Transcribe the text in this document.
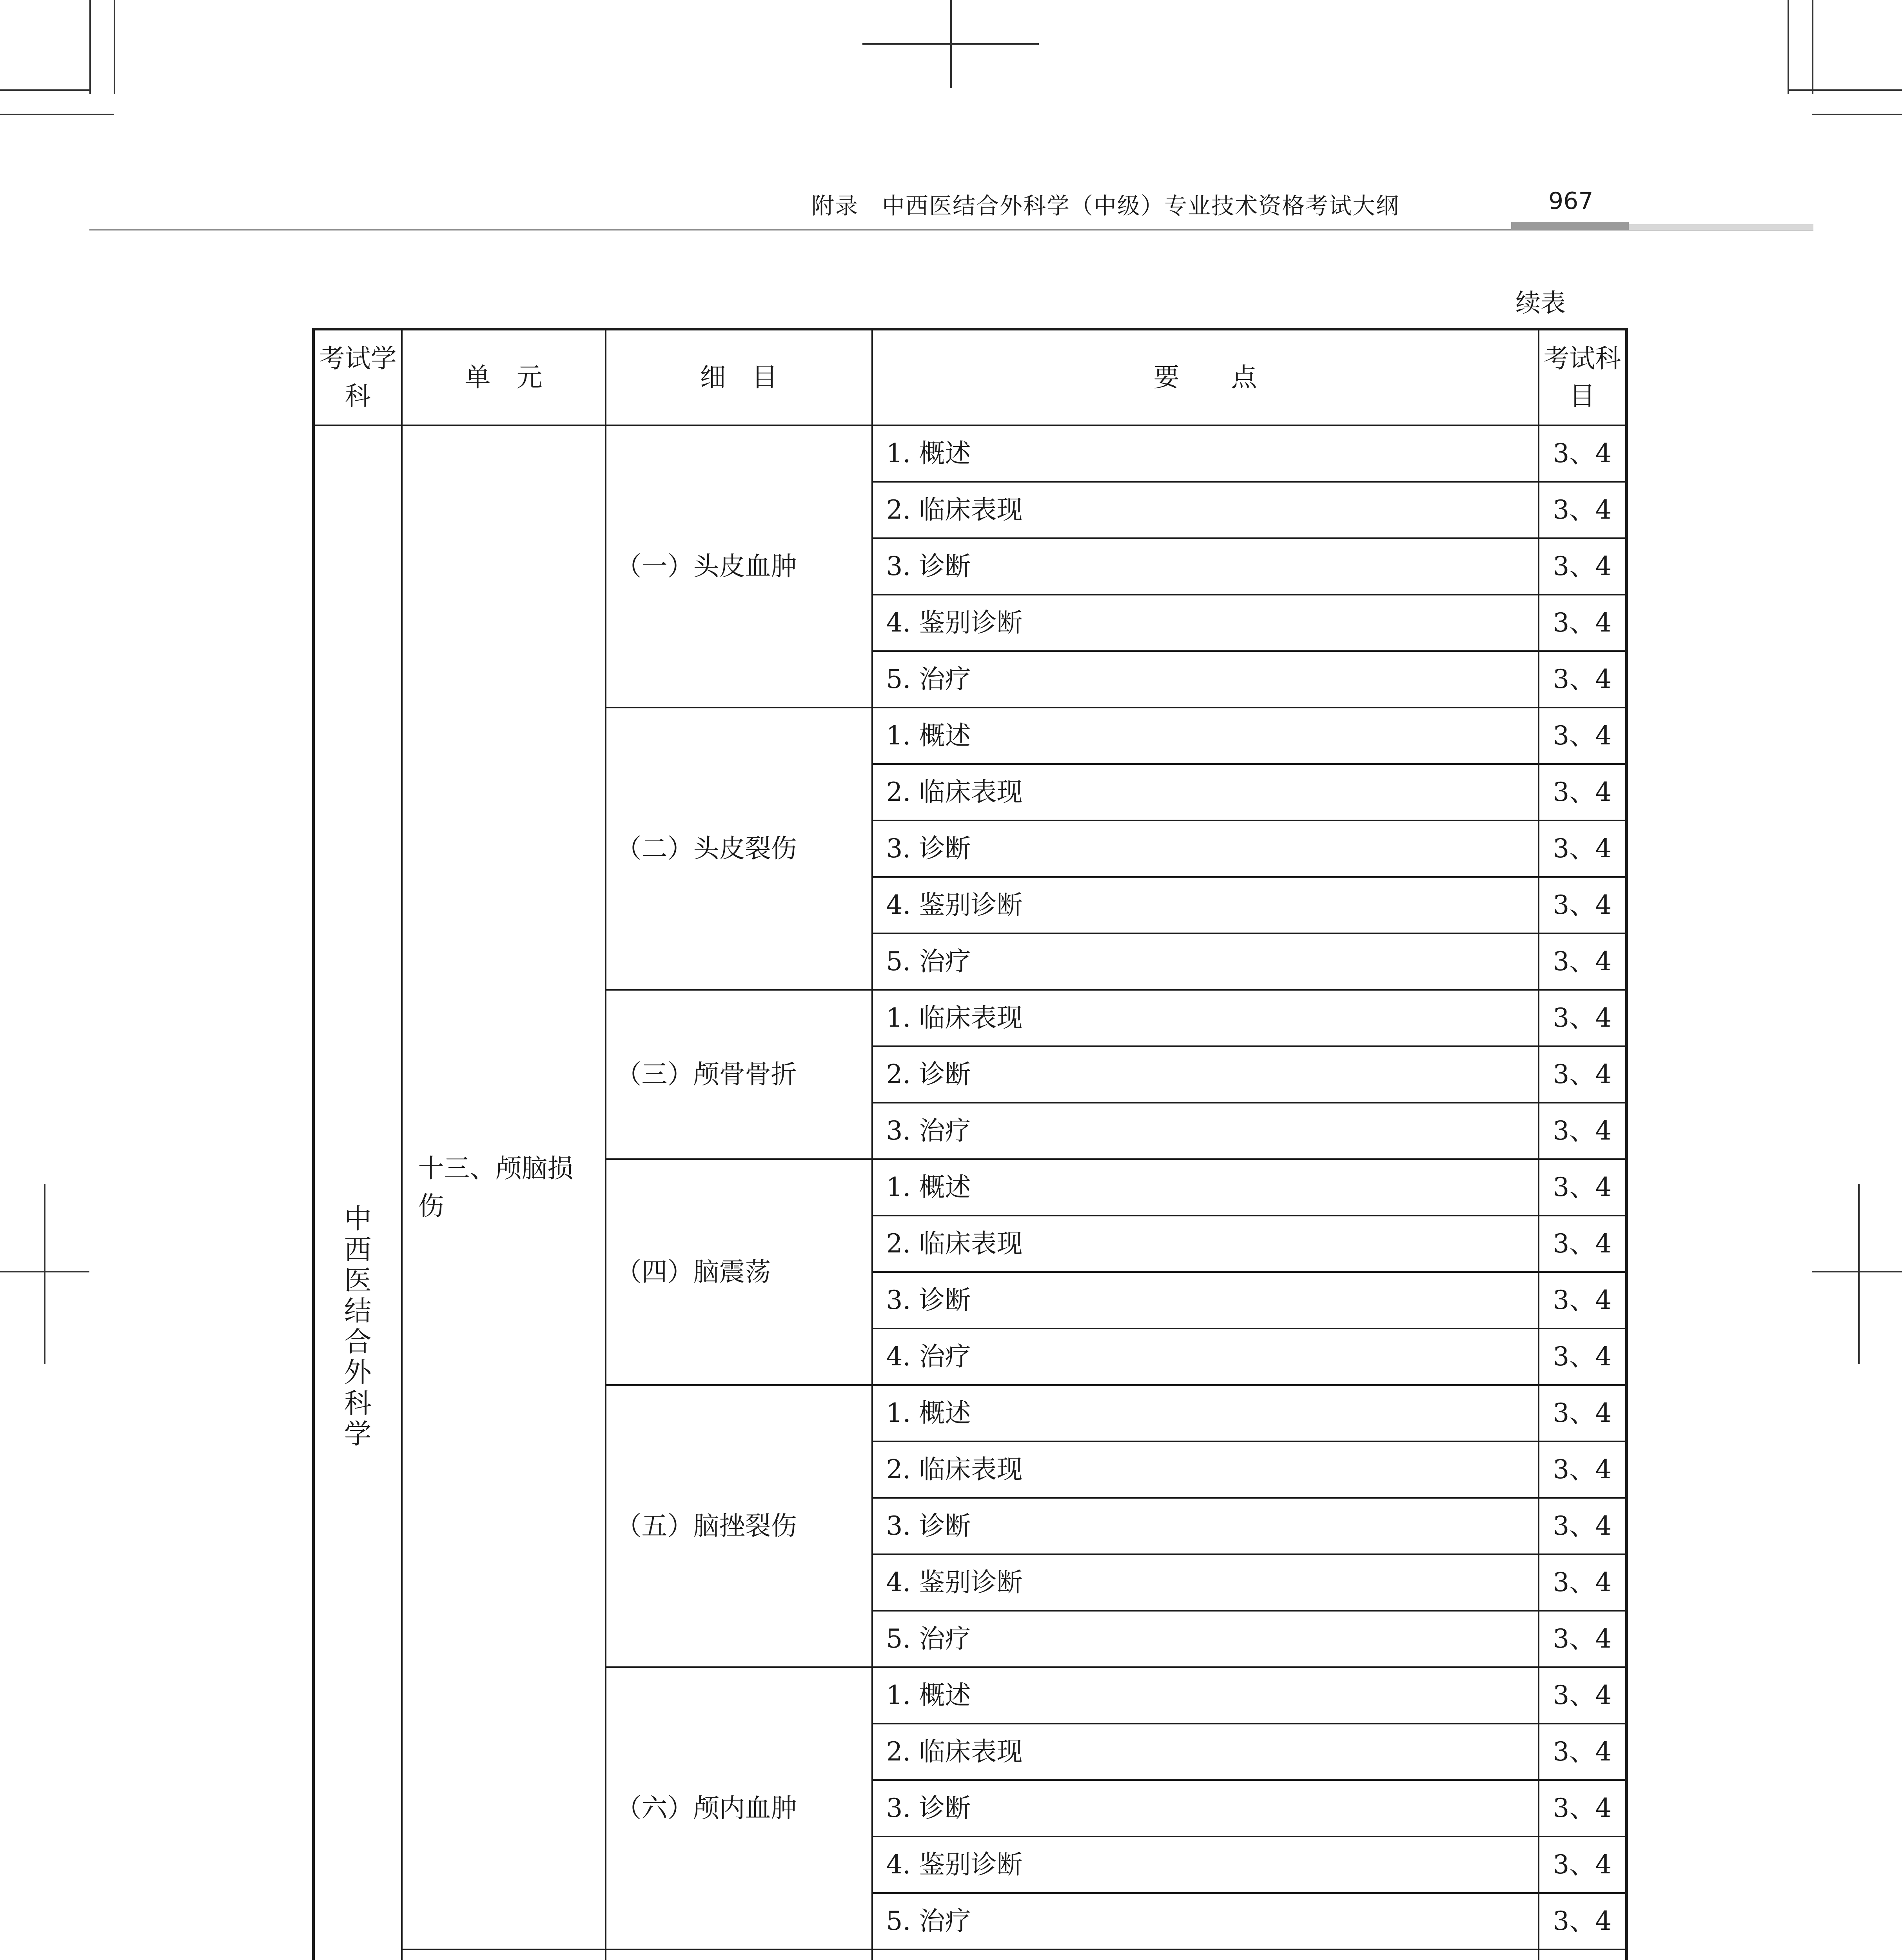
附录　中西医结合外科学（中级）专业技术资格考试大纲	967
续表
考试学科	单　元	细　目	要　　点	考试科目
中西医结合外科学	十三、颅脑损伤	（一）头皮血肿	1. 概述	3、4
			2. 临床表现	3、4
			3. 诊断	3、4
			4. 鉴别诊断	3、4
			5. 治疗	3、4
		（二）头皮裂伤	1. 概述	3、4
			2. 临床表现	3、4
			3. 诊断	3、4
			4. 鉴别诊断	3、4
			5. 治疗	3、4
		（三）颅骨骨折	1. 临床表现	3、4
			2. 诊断	3、4
			3. 治疗	3、4
		（四）脑震荡	1. 概述	3、4
			2. 临床表现	3、4
			3. 诊断	3、4
			4. 治疗	3、4
		（五）脑挫裂伤	1. 概述	3、4
			2. 临床表现	3、4
			3. 诊断	3、4
			4. 鉴别诊断	3、4
			5. 治疗	3、4
		（六）颅内血肿	1. 概述	3、4
			2. 临床表现	3、4
			3. 诊断	3、4
			4. 鉴别诊断	3、4
			5. 治疗	3、4
